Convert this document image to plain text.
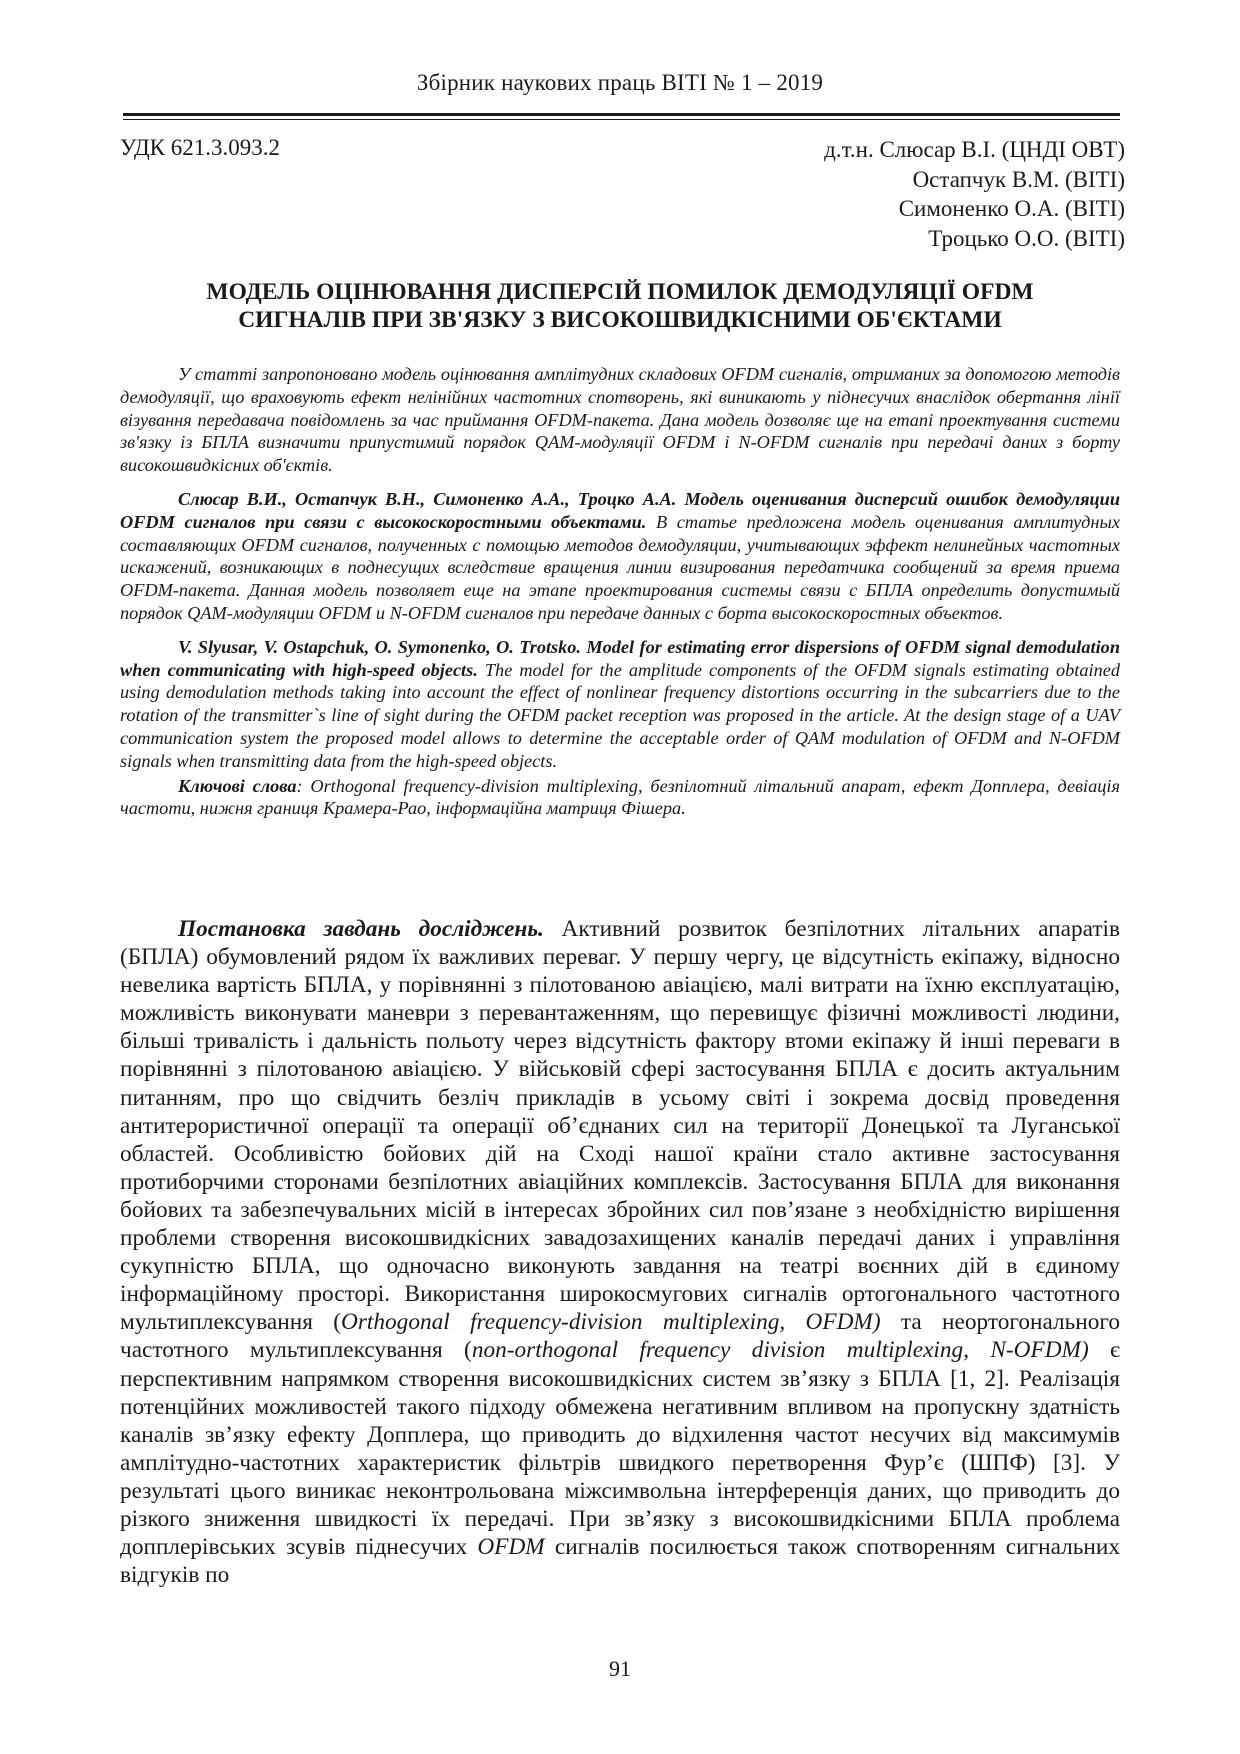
Збірник наукових праць ВІТІ № 1 – 2019
УДК 621.3.093.2	д.т.н. Слюсар В.І. (ЦНДІ ОВТ)
Остапчук В.М. (ВІТІ)
Симоненко О.А. (ВІТІ)
Троцько О.О. (ВІТІ)
МОДЕЛЬ ОЦІНЮВАННЯ ДИСПЕРСІЙ ПОМИЛОК ДЕМОДУЛЯЦІЇ OFDM
СИГНАЛІВ ПРИ ЗВ'ЯЗКУ З ВИСОКОШВИДКІСНИМИ ОБ'ЄКТАМИ

У статті запропоновано модель оцінювання амплітудних складових OFDM сигналів, отриманих за допомогою методів демодуляції, що враховують ефект нелінійних частотних спотворень, які виникають у піднесучих внаслідок обертання лінії візування передавача повідомлень за час приймання OFDM-пакета. Дана модель дозволяє ще на етапі проектування системи зв'язку із БПЛА визначити припустимий порядок QAM-модуляції OFDM і N-OFDM сигналів при передачі даних з борту високошвидкісних об'єктів.

Слюсар В.И., Остапчук В.Н., Симоненко А.А., Троцко А.А. Модель оценивания дисперсий ошибок демодуляции OFDM сигналов при связи с высокоскоростными объектами. В статье предложена модель оценивания амплитудных составляющих OFDM сигналов, полученных с помощью методов демодуляции, учитывающих эффект нелинейных частотных искажений, возникающих в поднесущих вследствие вращения линии визирования передатчика сообщений за время приема OFDM-пакета. Данная модель позволяет еще на этапе проектирования системы связи с БПЛА определить допустимый порядок QAM-модуляции OFDM и N-OFDM сигналов при передаче данных с борта высокоскоростных объектов.

V. Slyusar, V. Ostapchuk, O. Symonenko, O. Trotsko. Model for estimating error dispersions of OFDM signal demodulation when communicating with high-speed objects. The model for the amplitude components of the OFDM signals estimating obtained using demodulation methods taking into account the effect of nonlinear frequency distortions occurring in the subcarriers due to the rotation of the transmitter`s line of sight during the OFDM packet reception was proposed in the article. At the design stage of a UAV communication system the proposed model allows to determine the acceptable order of QAM modulation of OFDM and N-OFDM signals when transmitting data from the high-speed objects.

Ключові слова: Orthogonal frequency-division multiplexing, безпілотний літальний апарат, ефект Допплера, девіація частоти, нижня границя Крамера-Рао, інформаційна матриця Фішера.

Постановка завдань досліджень. Активний розвиток безпілотних літальних апаратів (БПЛА) обумовлений рядом їх важливих переваг. У першу чергу, це відсутність екіпажу, відносно невелика вартість БПЛА, у порівнянні з пілотованою авіацією, малі витрати на їхню експлуатацію, можливість виконувати маневри з перевантаженням, що перевищує фізичні можливості людини, більші тривалість і дальність польоту через відсутність фактору втоми екіпажу й інші переваги в порівнянні з пілотованою авіацією. У військовій сфері застосування БПЛА є досить актуальним питанням, про що свідчить безліч прикладів в усьому світі і зокрема досвід проведення антитерористичної операції та операції об’єднаних сил на території Донецької та Луганської областей. Особливістю бойових дій на Сході нашої країни стало активне застосування протиборчими сторонами безпілотних авіаційних комплексів. Застосування БПЛА для виконання бойових та забезпечувальних місій в інтересах збройних сил пов’язане з необхідністю вирішення проблеми створення високошвидкісних завадозахищених каналів передачі даних і управління сукупністю БПЛА, що одночасно виконують завдання на театрі воєнних дій в єдиному інформаційному просторі. Використання широкосмугових сигналів ортогонального частотного мультиплексування (Orthogonal frequency-division multiplexing, OFDM) та неортогонального частотного мультиплексування (non-orthogonal frequency division multiplexing, N-OFDM) є перспективним напрямком створення високошвидкісних систем зв’язку з БПЛА [1, 2]. Реалізація потенційних можливостей такого підходу обмежена негативним впливом на пропускну здатність каналів зв’язку ефекту Допплера, що приводить до відхилення частот несучих від максимумів амплітудно-частотних характеристик фільтрів швидкого перетворення Фур’є (ШПФ) [3]. У результаті цього виникає неконтрольована міжсимвольна інтерференція даних, що приводить до різкого зниження швидкості їх передачі. При зв’язку з високошвидкісними БПЛА проблема допплерівських зсувів піднесучих OFDM сигналів посилюється також спотворенням сигнальних відгуків по

91
